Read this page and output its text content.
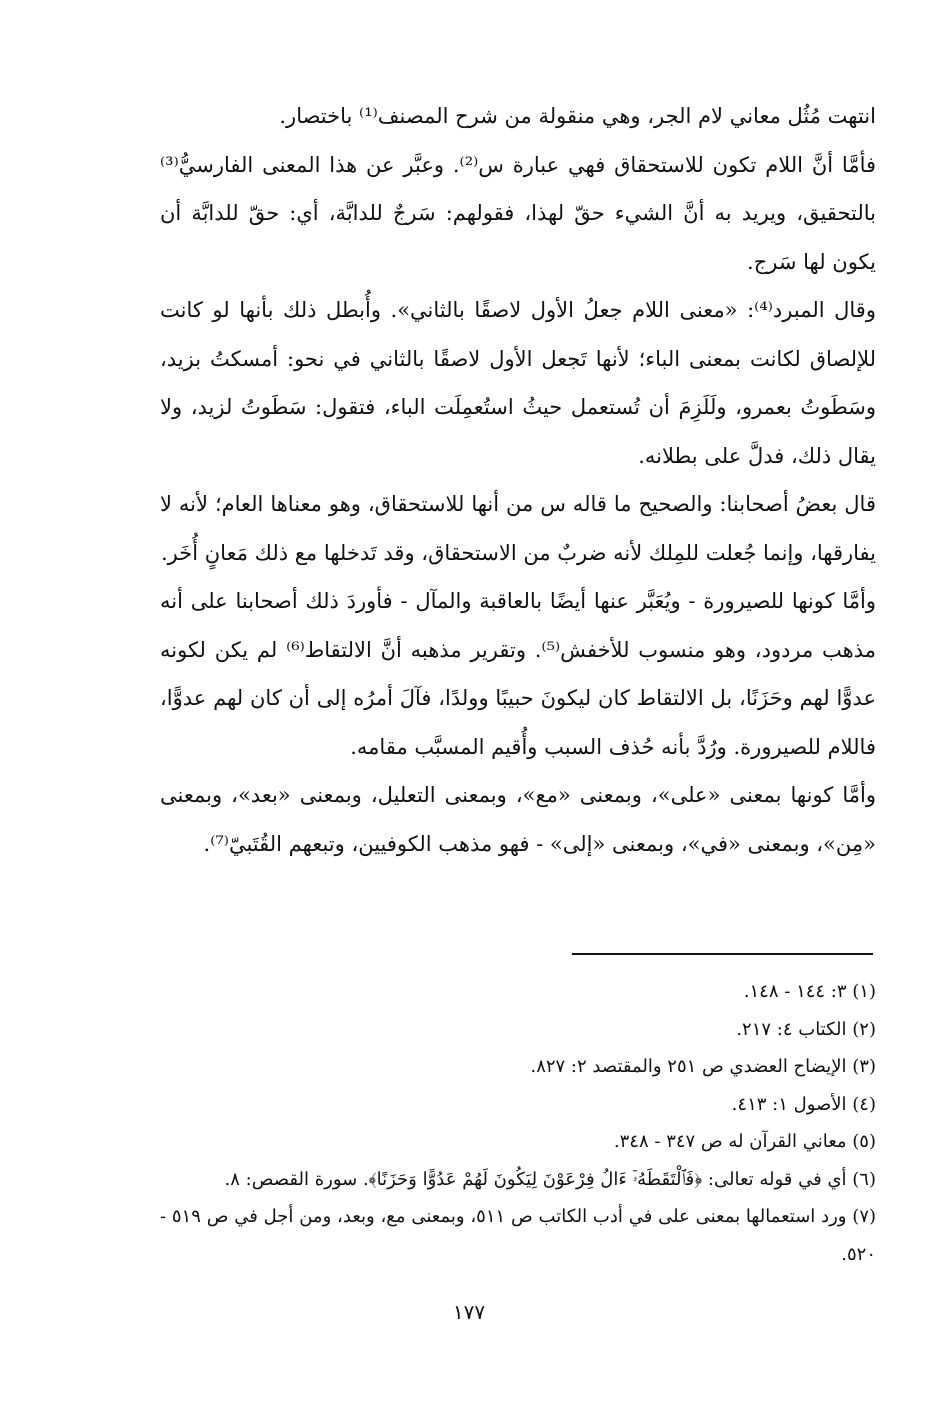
انتهت مُثُل معاني لام الجر، وهي منقولة من شرح المصنف⁽¹⁾ باختصار.

فأمَّا أنَّ اللام تكون للاستحقاق فهي عبارة س⁽²⁾. وعبَّر عن هذا المعنى الفارسيُّ⁽³⁾ بالتحقيق، ويريد به أنَّ الشيء حقّ لهذا، فقولهم: سَرجٌ للدابَّة، أي: حقّ للدابَّة أن يكون لها سَرج.

وقال المبرد⁽⁴⁾: «معنى اللام جعلُ الأول لاصقًا بالثاني». وأُبطل ذلك بأنها لو كانت للإلصاق لكانت بمعنى الباء؛ لأنها تَجعل الأول لاصقًا بالثاني في نحو: أمسكتُ بزيد، وسَطَوتُ بعمرو، ولَلَزِمَ أن تُستعمل حيثُ استُعمِلَت الباء، فتقول: سَطَوتُ لزيد، ولا يقال ذلك، فدلَّ على بطلانه.

قال بعضُ أصحابنا: والصحيح ما قاله س من أنها للاستحقاق، وهو معناها العام؛ لأنه لا يفارقها، وإنما جُعلت للمِلك لأنه ضربٌ من الاستحقاق، وقد تَدخلها مع ذلك مَعانٍ أُخَر.

وأمَّا كونها للصيرورة - ويُعَبَّر عنها أيضًا بالعاقبة والمآل - فأوردَ ذلك أصحابنا على أنه مذهب مردود، وهو منسوب للأخفش⁽⁵⁾. وتقرير مذهبه أنَّ الالتقاط⁽⁶⁾ لم يكن لكونه عدوًّا لهم وحَزَنًا، بل الالتقاط كان ليكونَ حبيبًا وولدًا، فآلَ أمرُه إلى أن كان لهم عدوًّا، فاللام للصيرورة. ورُدَّ بأنه حُذف السبب وأُقيم المسبَّب مقامه.

وأمَّا كونها بمعنى «على»، وبمعنى «مع»، وبمعنى التعليل، وبمعنى «بعد»، وبمعنى «مِن»، وبمعنى «في»، وبمعنى «إلى» - فهو مذهب الكوفيين، وتبعهم القُتَبيّ⁽⁷⁾.

(١) ٣: ١٤٤ - ١٤٨.

(٢) الكتاب ٤: ٢١٧.

(٣) الإيضاح العضدي ص ٢٥١ والمقتصد ٢: ٨٢٧.

(٤) الأصول ١: ٤١٣.

(٥) معاني القرآن له ص ٣٤٧ - ٣٤٨.

(٦) أي في قوله تعالى: ﴿فَٱلْتَقَطَهُۥٓ ءَالُ فِرْعَوْنَ لِيَكُونَ لَهُمْ عَدُوًّا وَحَزَنًا﴾. سورة القصص: ٨.

(٧) ورد استعمالها بمعنى على في أدب الكاتب ص ٥١١، وبمعنى مع، وبعد، ومن أجل في ص ٥١٩ - ٥٢٠.

١٧٧
